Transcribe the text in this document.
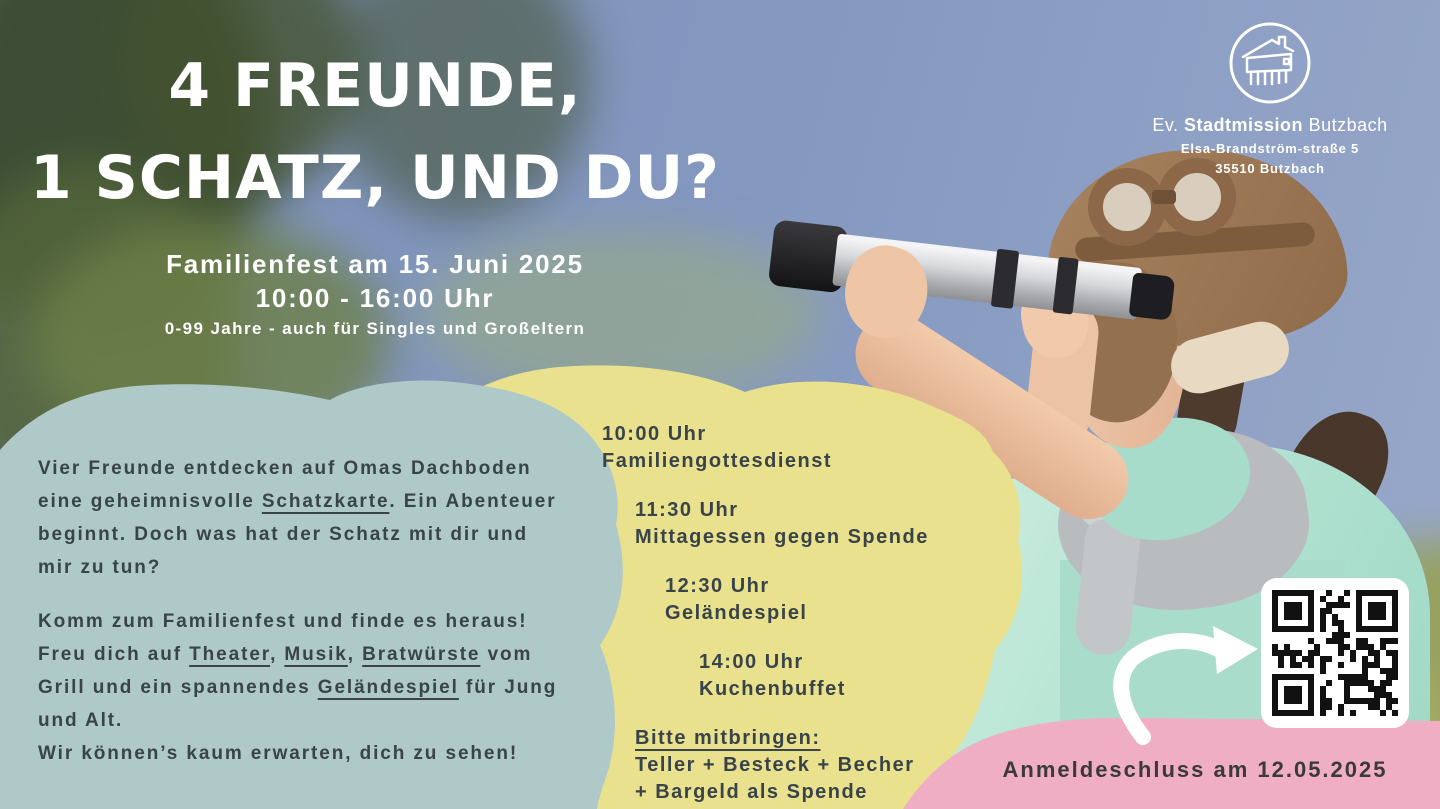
4 FREUNDE,
1 SCHATZ, UND DU?
Familienfest am 15. Juni 2025
10:00 - 16:00 Uhr
0-99 Jahre - auch für Singles und Großeltern
Ev. Stadtmission Butzbach
Elsa-Brandström-straße 5
35510 Butzbach

Vier Freunde entdecken auf Omas Dachboden eine geheimnisvolle Schatzkarte. Ein Abenteuer beginnt. Doch was hat der Schatz mit dir und mir zu tun?

Komm zum Familienfest und finde es heraus! Freu dich auf Theater, Musik, Bratwürste vom Grill und ein spannendes Geländespiel für Jung und Alt.
Wir können’s kaum erwarten, dich zu sehen!

10:00 Uhr
Familiengottesdienst
11:30 Uhr
Mittagessen gegen Spende
12:30 Uhr
Geländespiel
14:00 Uhr
Kuchenbuffet
Bitte mitbringen:
Teller + Besteck + Becher
+ Bargeld als Spende
Anmeldeschluss am 12.05.2025
